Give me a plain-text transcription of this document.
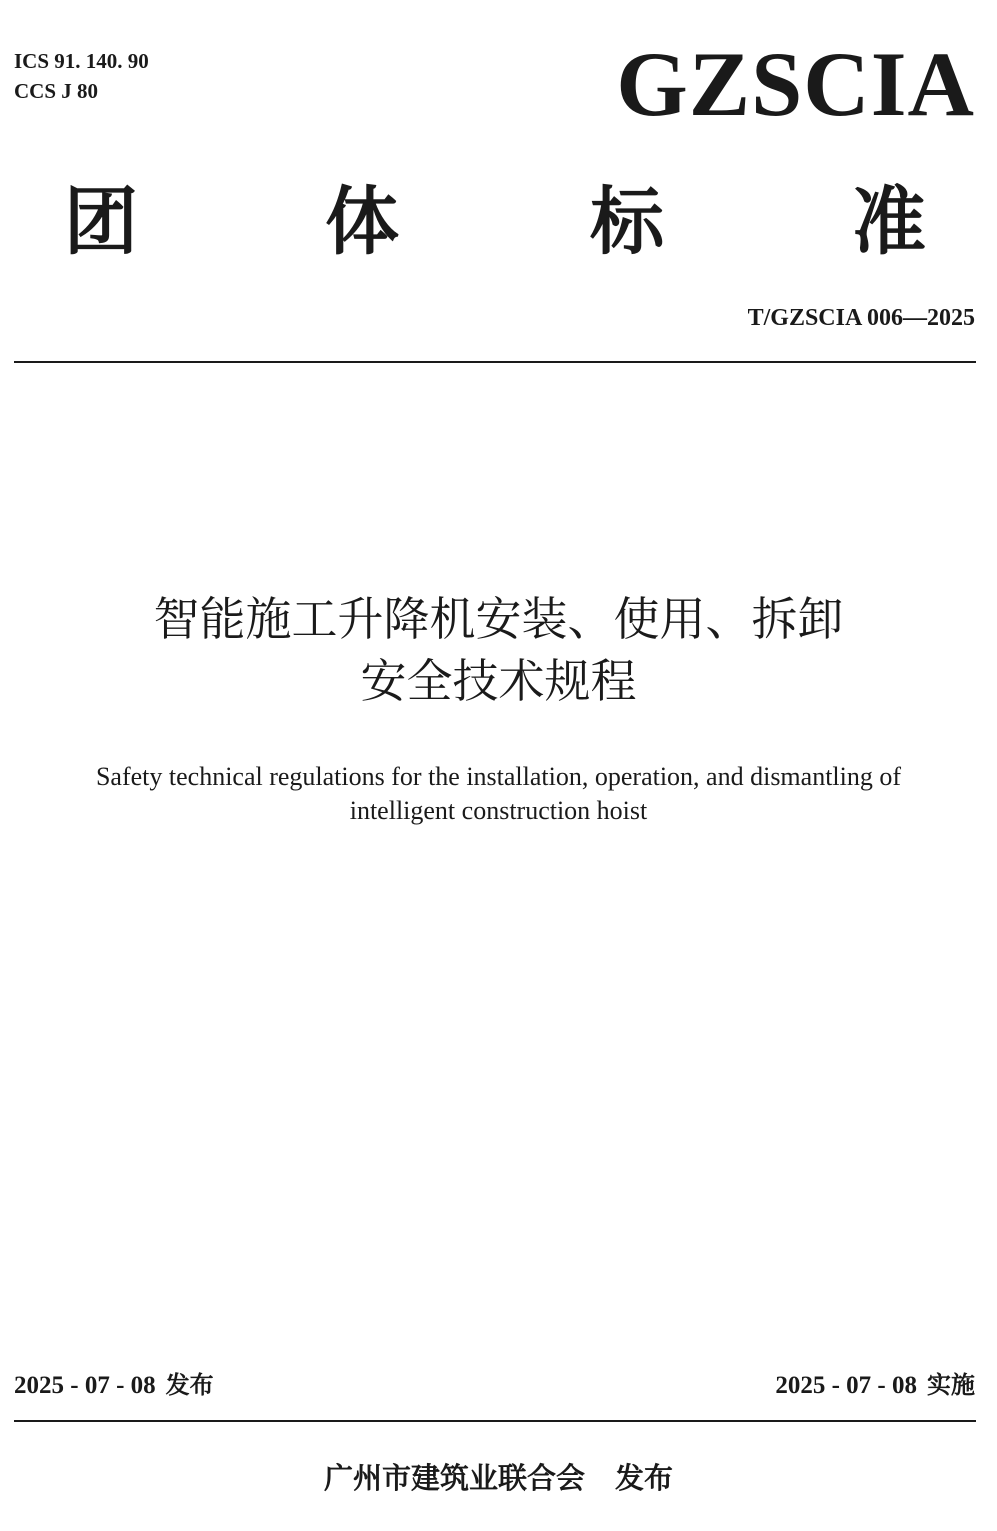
ICS 91. 140. 90
CCS J 80	GZSCIA
团	体	标	准
T/GZSCIA 006—2025
智能施工升降机安装、使用、拆卸
安全技术规程
Safety technical regulations for the installation, operation, and dismantling of
intelligent construction hoist
2025 - 07 - 08 发布	2025 - 07 - 08 实施
广州市建筑业联合会 发布
